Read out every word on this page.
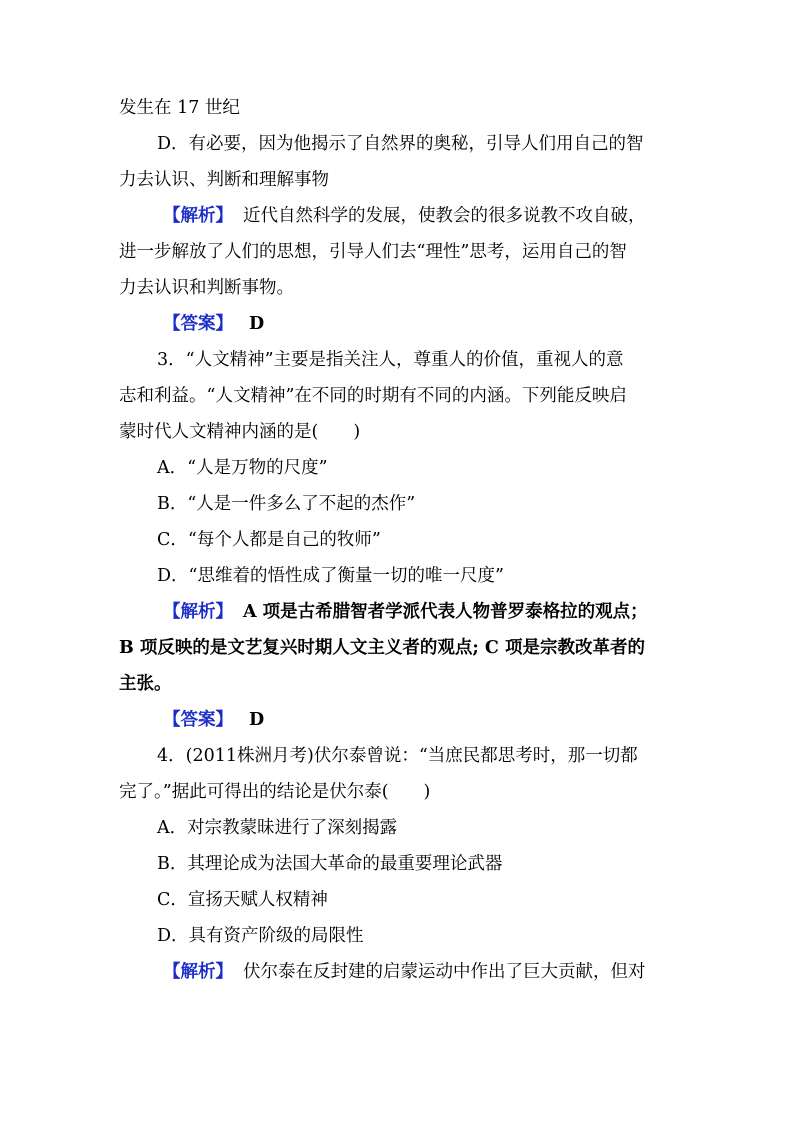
发生在 17 世纪
D．有必要，因为他揭示了自然界的奥秘，引导人们用自己的智
力去认识、判断和理解事物
【解析】 近代自然科学的发展，使教会的很多说教不攻自破，
进一步解放了人们的思想，引导人们去“理性”思考，运用自己的智
力去认识和判断事物。
【答案】 D
3．“人文精神”主要是指关注人，尊重人的价值，重视人的意
志和利益。“人文精神”在不同的时期有不同的内涵。下列能反映启
蒙时代人文精神内涵的是(　　)
A．“人是万物的尺度”
B．“人是一件多么了不起的杰作”
C．“每个人都是自己的牧师”
D．“思维着的悟性成了衡量一切的唯一尺度”
【解析】 A 项是古希腊智者学派代表人物普罗泰格拉的观点；
B 项反映的是文艺复兴时期人文主义者的观点; C 项是宗教改革者的
主张。
【答案】 D
4．(2011株洲月考)伏尔泰曾说：“当庶民都思考时，那一切都
完了。”据此可得出的结论是伏尔泰(　　)
A．对宗教蒙昧进行了深刻揭露
B．其理论成为法国大革命的最重要理论武器
C．宣扬天赋人权精神
D．具有资产阶级的局限性
【解析】 伏尔泰在反封建的启蒙运动中作出了巨大贡献，但对
